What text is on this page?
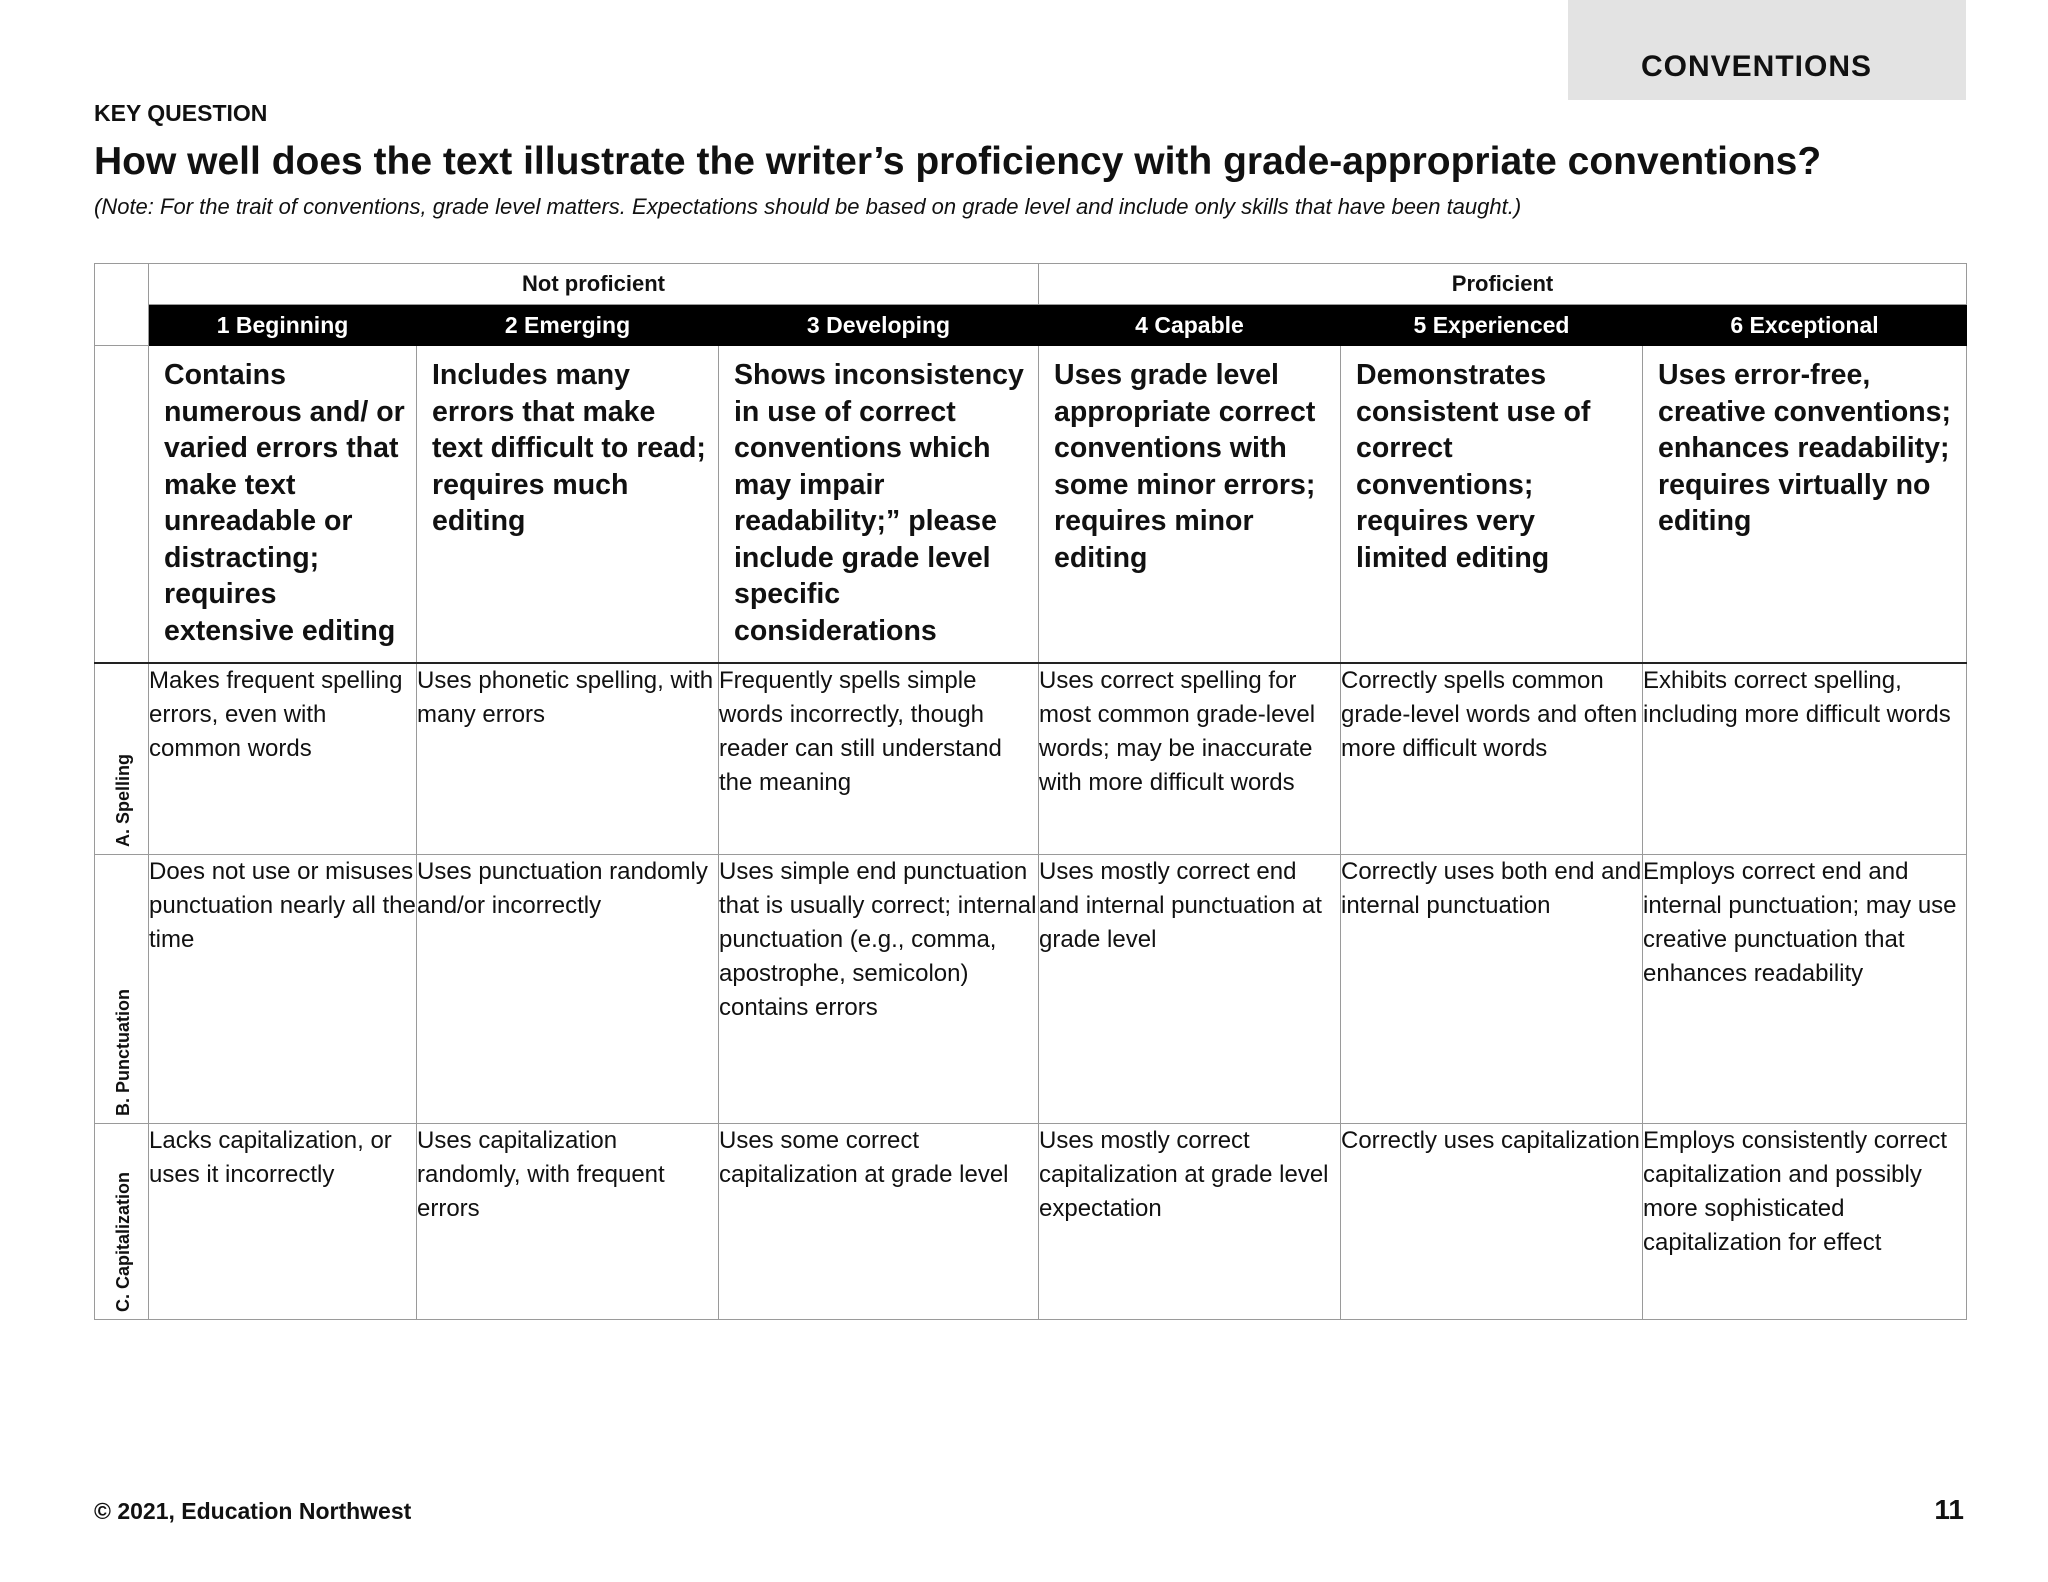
CONVENTIONS
KEY QUESTION
How well does the text illustrate the writer’s proficiency with grade-appropriate conventions?
(Note: For the trait of conventions, grade level matters. Expectations should be based on grade level and include only skills that have been taught.)
	Not proficient			Proficient		
	1 Beginning	2 Emerging	3 Developing	4 Capable	5 Experienced	6 Exceptional
	Contains numerous and/ or varied errors that make text unreadable or distracting; requires extensive editing	Includes many errors that make text difficult to read; requires much editing	Shows inconsistency in use of correct conventions which may impair readability;” please include grade level specific considerations	Uses grade level appropriate correct conventions with some minor errors; requires minor editing	Demonstrates consistent use of correct conventions; requires very limited editing	Uses error-free, creative conventions; enhances readability; requires virtually no editing

A. Spelling	Makes frequent spelling errors, even with common words	Uses phonetic spelling, with many errors	Frequently spells simple words incorrectly, though reader can still understand the meaning	Uses correct spelling for most common grade-level words; may be inaccurate with more difficult words	Correctly spells common grade-level words and often more difficult words	Exhibits correct spelling, including more difficult words

B. Punctuation	Does not use or misuses punctuation nearly all the time	Uses punctuation randomly and/or incorrectly	Uses simple end punctuation that is usually correct; internal punctuation (e.g., comma, apostrophe, semicolon) contains errors	Uses mostly correct end and internal punctuation at grade level	Correctly uses both end and internal punctuation	Employs correct end and internal punctuation; may use creative punctuation that enhances readability

C. Capitalization	Lacks capitalization, or uses it incorrectly	Uses capitalization randomly, with frequent errors	Uses some correct capitalization at grade level	Uses mostly correct capitalization at grade level expectation	Correctly uses capitalization	Employs consistently correct capitalization and possibly more sophisticated capitalization for effect
© 2021, Education Northwest	11
